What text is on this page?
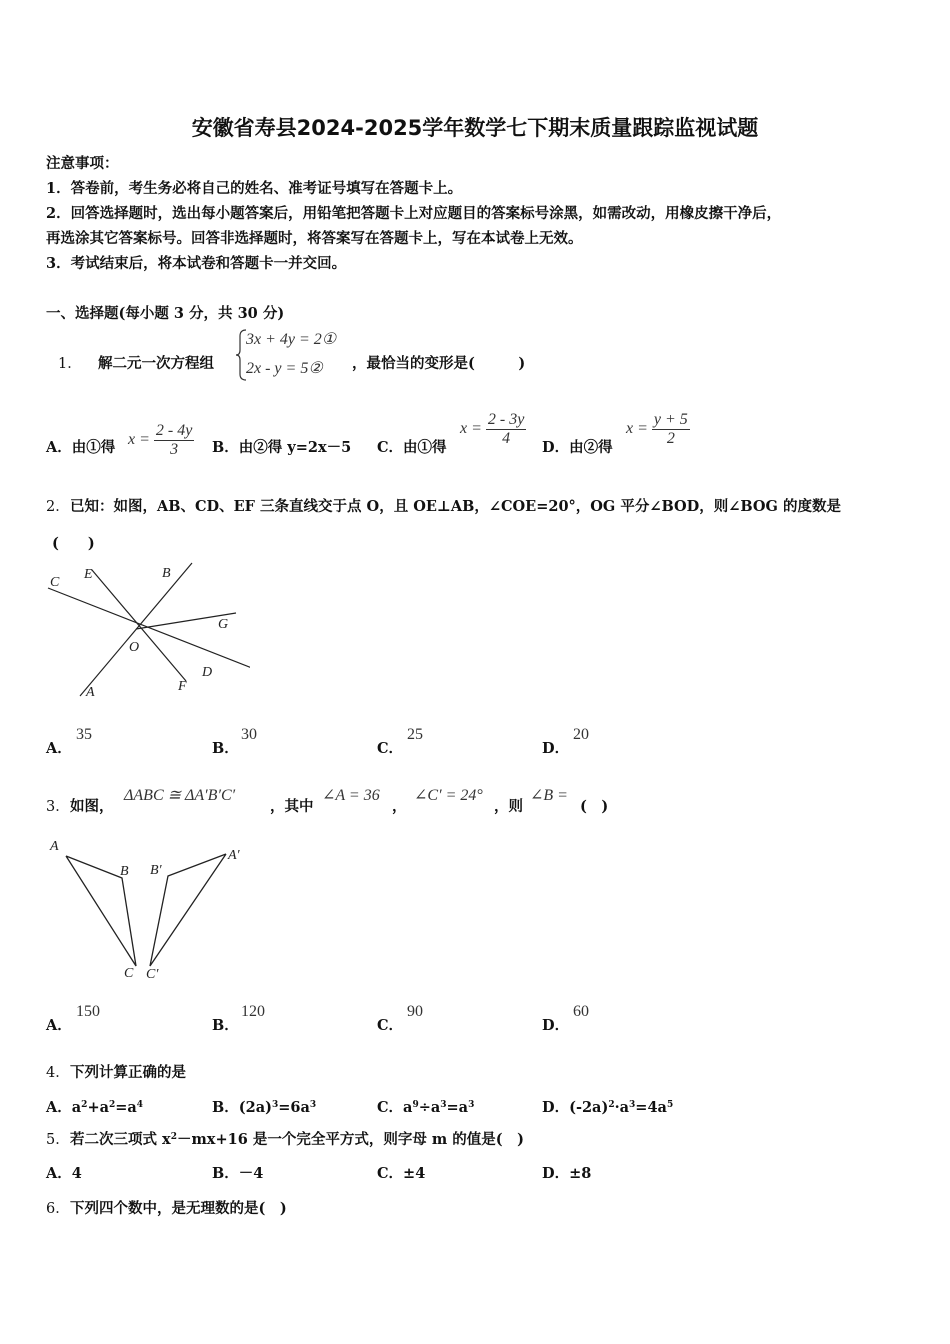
安徽省寿县2024-2025学年数学七下期末质量跟踪监视试题
注意事项：
1．答卷前，考生务必将自己的姓名、准考证号填写在答题卡上。
2．回答选择题时，选出每小题答案后，用铅笔把答题卡上对应题目的答案标号涂黑，如需改动，用橡皮擦干净后，
再选涂其它答案标号。回答非选择题时，将答案写在答题卡上，写在本试卷上无效。
3．考试结束后，将本试卷和答题卡一并交回。
一、选择题(每小题 3 分，共 30 分)
1． 解二元一次方程组
3x + 4y = 2①
2x - y = 5② ，最恰当的变形是(　　　)
A．由①得 $x = \frac{2 - 4y}{3}$ B．由②得 y=2x－5 C．由①得
$x = \frac{2 - 3y}{4}$ D．由②得
$x = \frac{y + 5}{2}$
2． 已知：如图，AB、CD、EF 三条直线交于点 O，且 OE⊥AB，∠COE=20°，OG 平分∠BOD，则∠BOG 的度数是
(　　)
C
E	B
G
O
D
A	F
A．
35
B．
30
C．
25
D．
20
3． 如图，
ΔABC ≅ ΔA′B′C′
，其中
∠A = 36
，
∠C′ = 24°
，则
∠B =
(　)
A
B
C
B′
A′
C′
A．
150
B．
120
C．
90
D．
60
4． 下列计算正确的是
A．$a^2+a^2=a^4$	B．$(2a)^3=6a^3$	C．$a^9\div a^3=a^3$	D．$(-2a)^2\cdot a^3=4a^5$
5． 若二次三项式 $x^2-mx+16$ 是一个完全平方式，则字母 m 的值是(　)
A．4	B．－4	C．±4	D．±8
6． 下列四个数中，是无理数的是(　)
